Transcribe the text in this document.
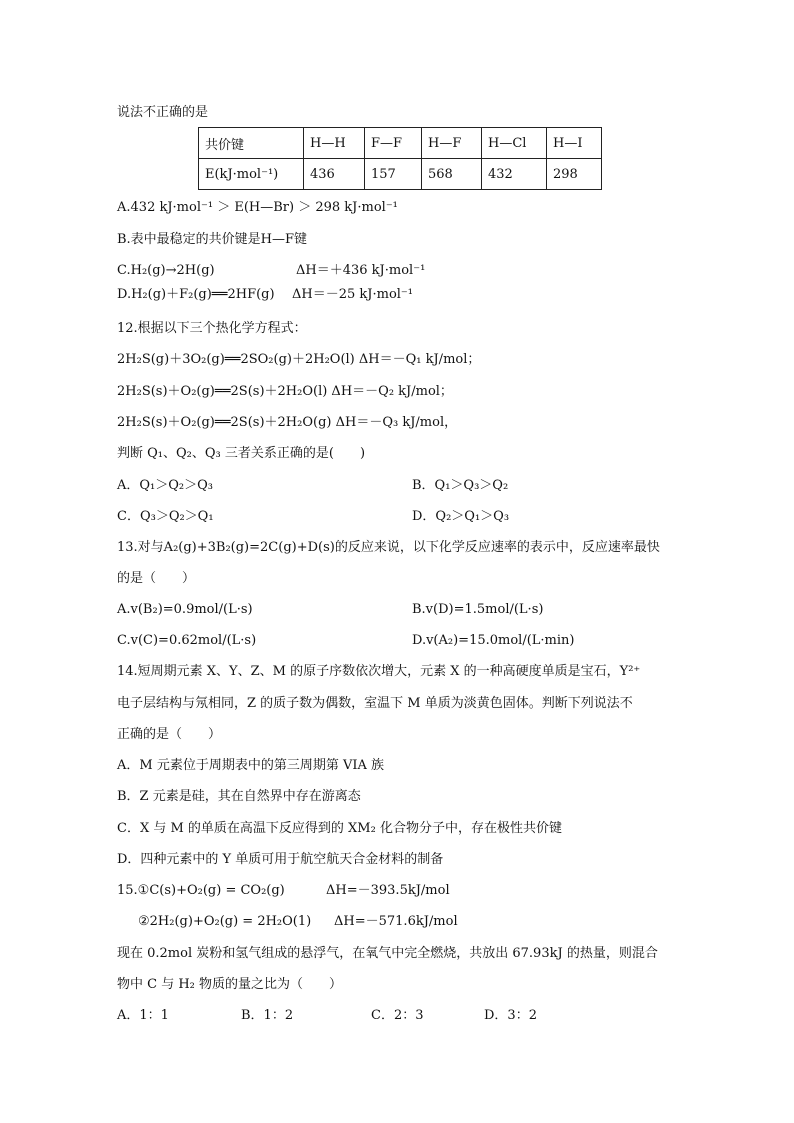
说法不正确的是
共价键	H—H	F—F	H—F	H—Cl	H—I
E(kJ·mol⁻¹)	436	157	568	432	298
A.432 kJ·mol⁻¹ ＞ E(H—Br) ＞ 298 kJ·mol⁻¹
B.表中最稳定的共价键是H—F键
C.H₂(g)→2H(g)	ΔH＝＋436 kJ·mol⁻¹
D.H₂(g)＋F₂(g)══2HF(g) ΔH＝－25 kJ·mol⁻¹
12.根据以下三个热化学方程式：
2H₂S(g)＋3O₂(g)══2SO₂(g)＋2H₂O(l) ΔH＝－Q₁ kJ/mol；
2H₂S(s)＋O₂(g)══2S(s)＋2H₂O(l) ΔH＝－Q₂ kJ/mol；
2H₂S(s)＋O₂(g)══2S(s)＋2H₂O(g) ΔH＝－Q₃ kJ/mol，
判断 Q₁、Q₂、Q₃ 三者关系正确的是(　　)
A．Q₁＞Q₂＞Q₃	B．Q₁＞Q₃＞Q₂
C．Q₃＞Q₂＞Q₁	D．Q₂＞Q₁＞Q₃
13.对与A₂(g)+3B₂(g)=2C(g)+D(s)的反应来说，以下化学反应速率的表示中，反应速率最快
的是（　　）
A.v(B₂)=0.9mol/(L·s)	B.v(D)=1.5mol/(L·s)
C.v(C)=0.62mol/(L·s)	D.v(A₂)=15.0mol/(L·min)
14.短周期元素 X、Y、Z、M 的原子序数依次增大，元素 X 的一种高硬度单质是宝石，Y²⁺
电子层结构与氖相同，Z 的质子数为偶数，室温下 M 单质为淡黄色固体。判断下列说法不
正确的是（　　）
A．M 元素位于周期表中的第三周期第 VIA 族
B．Z 元素是硅，其在自然界中存在游离态
C．X 与 M 的单质在高温下反应得到的 XM₂ 化合物分子中，存在极性共价键
D．四种元素中的 Y 单质可用于航空航天合金材料的制备
15.①C(s)+O₂(g) = CO₂(g)	ΔH=－393.5kJ/mol
②2H₂(g)+O₂(g) = 2H₂O(1) ΔH=－571.6kJ/mol
现在 0.2mol 炭粉和氢气组成的悬浮气，在氧气中完全燃烧，共放出 67.93kJ 的热量，则混合
物中 C 与 H₂ 物质的量之比为（　　）
A．1：1	B．1：2	C．2：3	D．3：2
